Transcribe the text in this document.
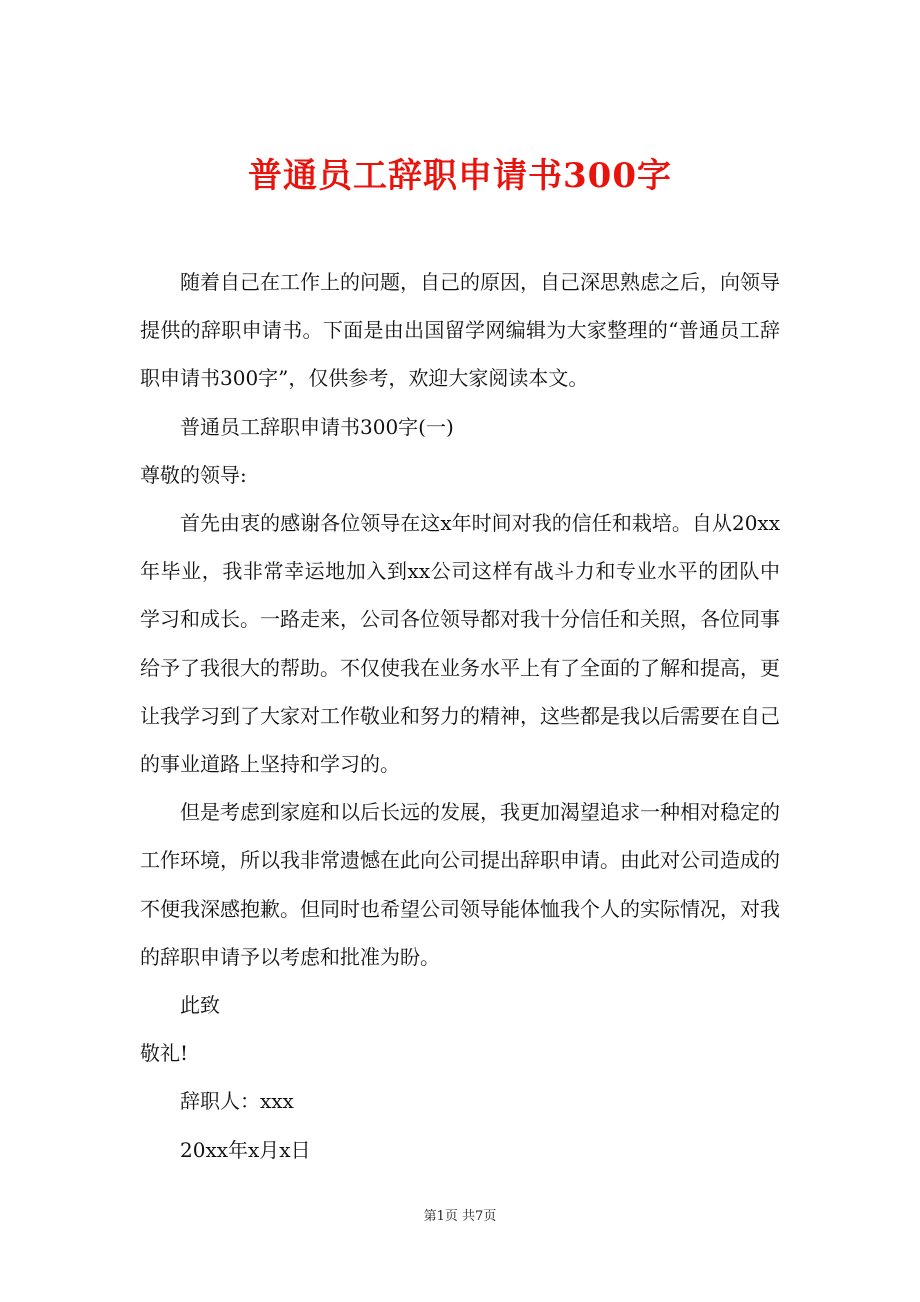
普通员工辞职申请书300字

随着自己在工作上的问题，自己的原因，自己深思熟虑之后，向领导提供的辞职申请书。下面是由出国留学网编辑为大家整理的“普通员工辞职申请书300字”，仅供参考，欢迎大家阅读本文。

普通员工辞职申请书300字(一)

尊敬的领导:

首先由衷的感谢各位领导在这x年时间对我的信任和栽培。自从20xx年毕业，我非常幸运地加入到xx公司这样有战斗力和专业水平的团队中学习和成长。一路走来，公司各位领导都对我十分信任和关照，各位同事给予了我很大的帮助。不仅使我在业务水平上有了全面的了解和提高，更让我学习到了大家对工作敬业和努力的精神，这些都是我以后需要在自己的事业道路上坚持和学习的。

但是考虑到家庭和以后长远的发展，我更加渴望追求一种相对稳定的工作环境，所以我非常遗憾在此向公司提出辞职申请。由此对公司造成的不便我深感抱歉。但同时也希望公司领导能体恤我个人的实际情况，对我的辞职申请予以考虑和批准为盼。

此致

敬礼!

辞职人：xxx

20xx年x月x日

第1页 共7页
